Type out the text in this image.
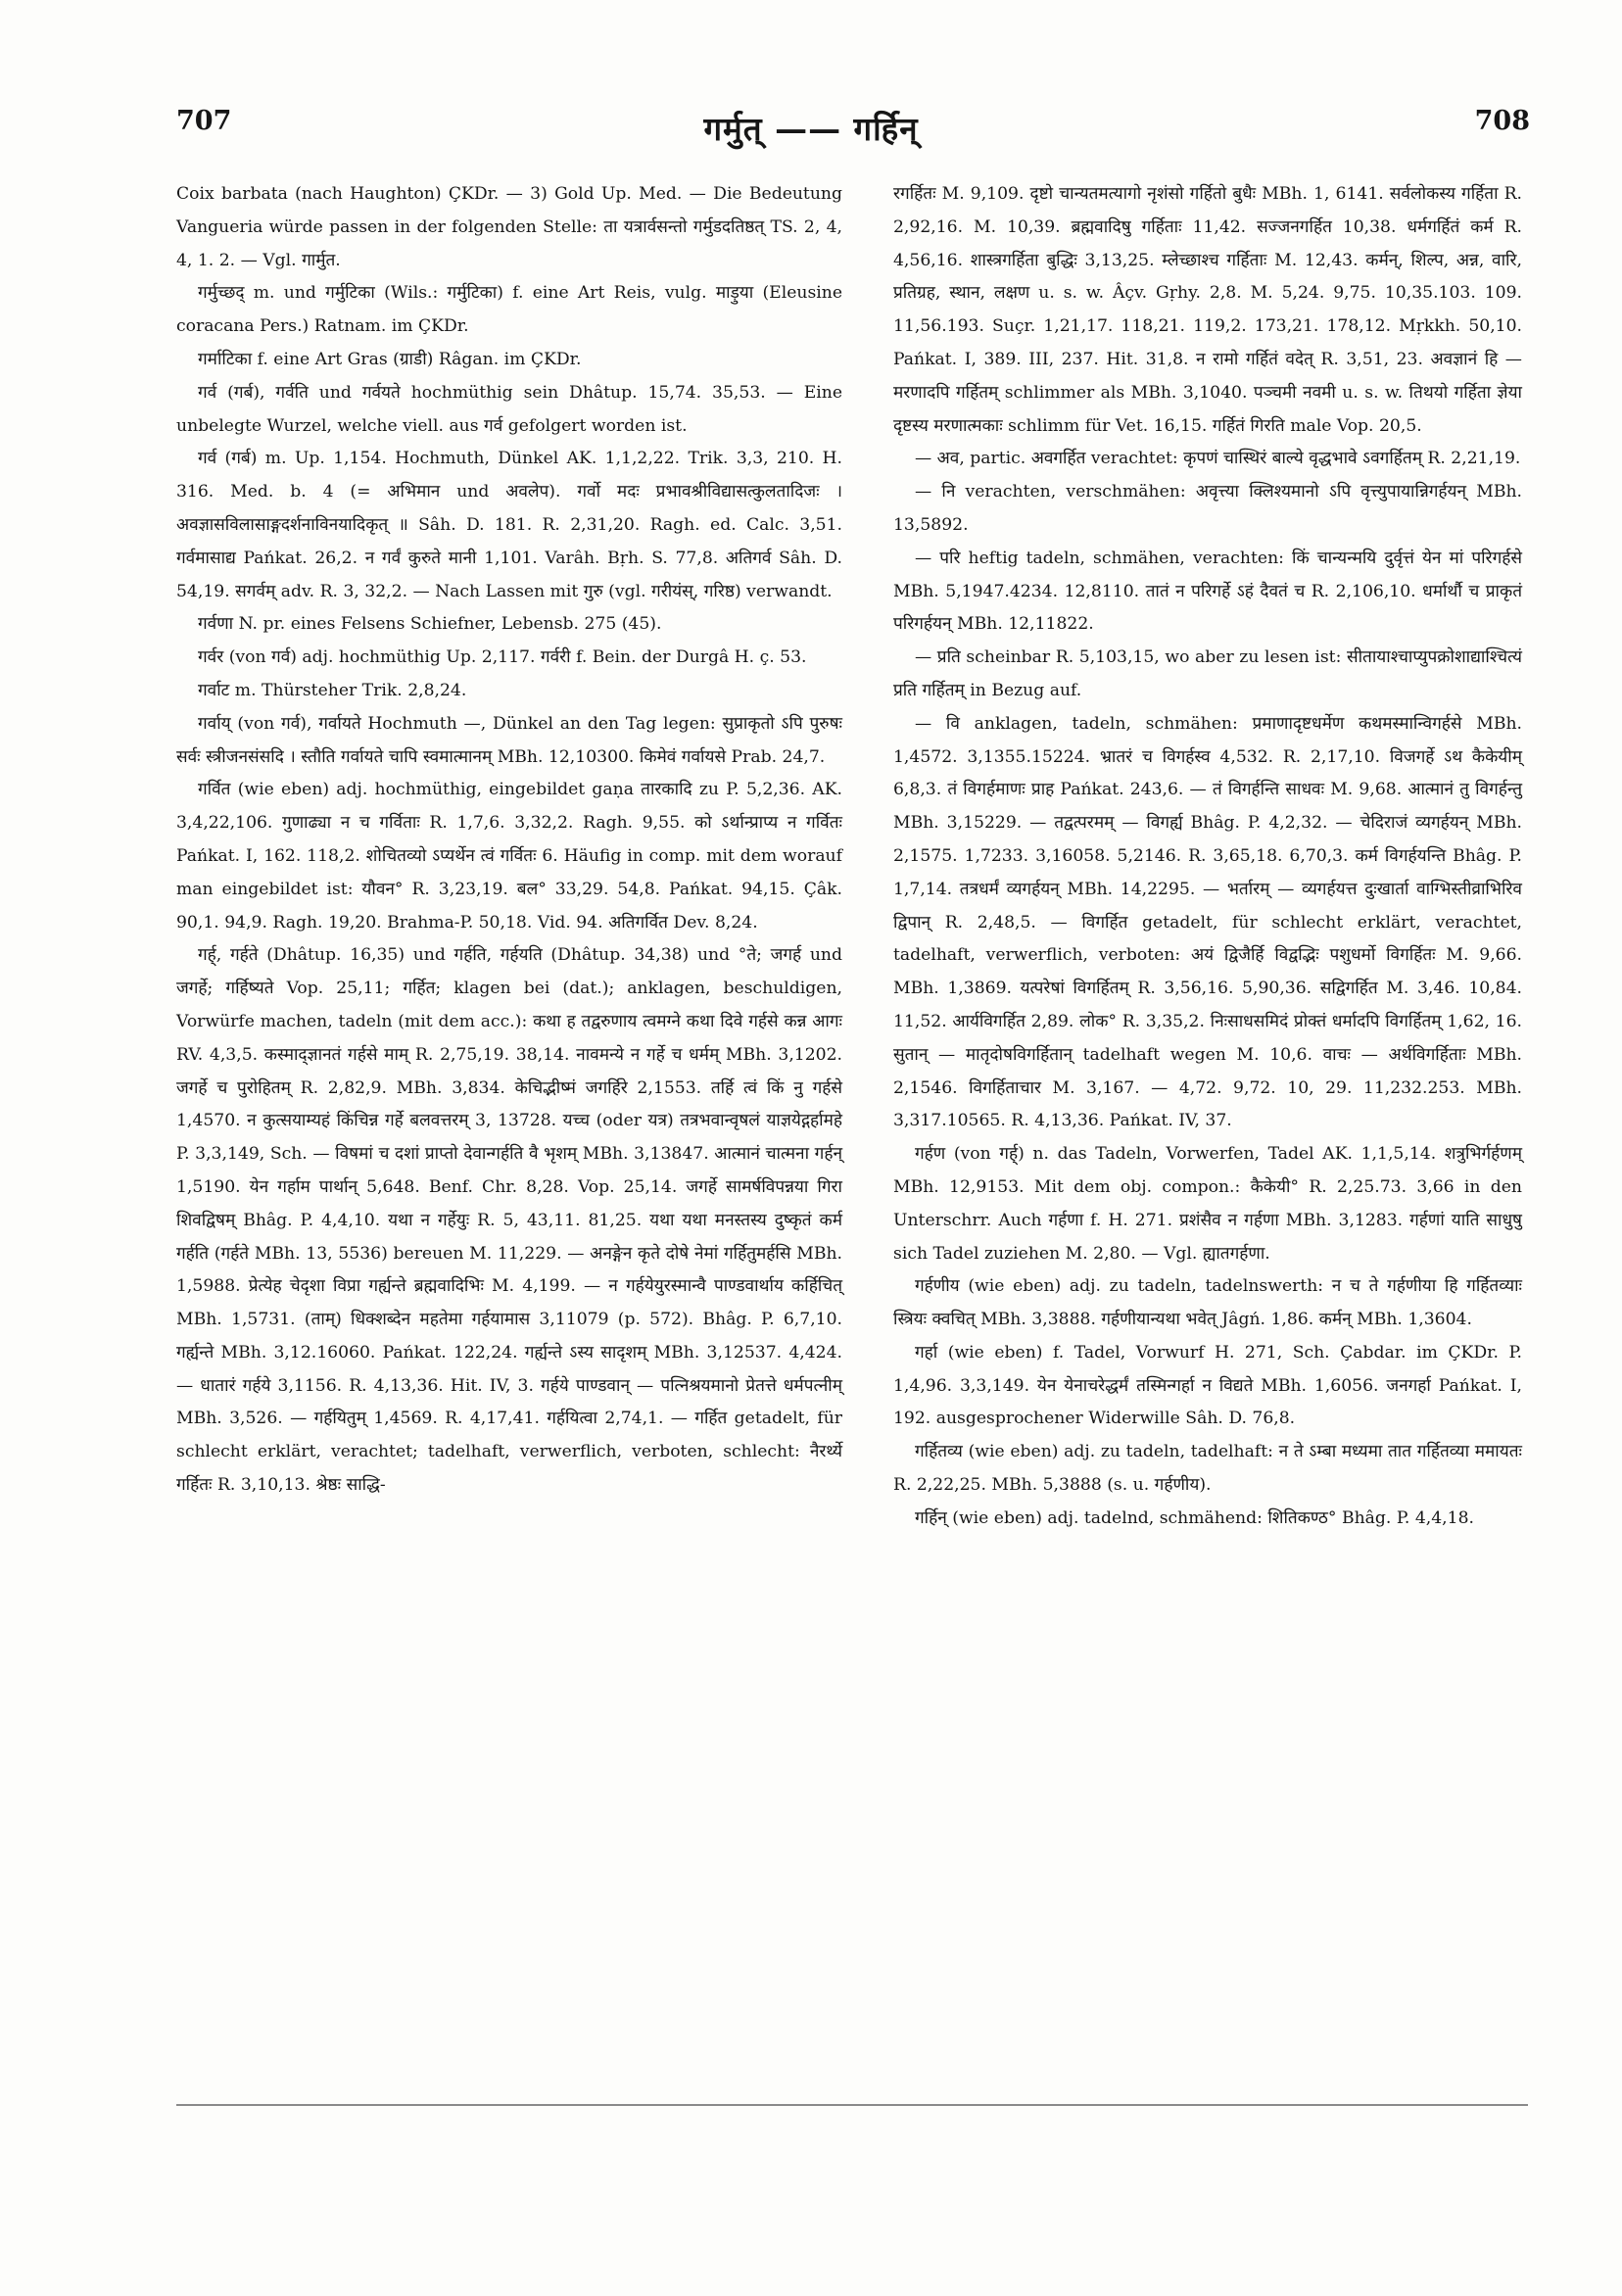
707	गर्मुत् —— गर्हिन्	708

Coix barbata (nach Haughton) ÇKDr. — 3) Gold Up. Med. — Die Bedeutung Vangueria würde passen in der folgenden Stelle: ता यत्रार्वसन्तो गर्मुडदतिष्ठत् TS. 2, 4, 4, 1. 2. — Vgl. गार्मुत.

गर्मुच्छद् m. und गर्मुटिका (Wils.: गर्मुटिका) f. eine Art Reis, vulg. माड़ुया (Eleusine coracana Pers.) Ratnam. im ÇKDr.

गर्माटिका f. eine Art Gras (ग्राडी) Râgan. im ÇKDr.

गर्व (गर्ब), गर्वति und गर्वयते hochmüthig sein Dhâtup. 15,74. 35,53. — Eine unbelegte Wurzel, welche viell. aus गर्व gefolgert worden ist.

गर्व (गर्ब) m. Up. 1,154. Hochmuth, Dünkel AK. 1,1,2,22. Trik. 3,3, 210. H. 316. Med. b. 4 (= अभिमान und अवलेप). गर्वो मदः प्रभावश्रीविद्यासत्कुलतादिजः । अवज्ञासविलासाङ्गदर्शनाविनयादिकृत् ॥ Sâh. D. 181. R. 2,31,20. Ragh. ed. Calc. 3,51. गर्वमासाद्य Pańkat. 26,2. न गर्वं कुरुते मानी 1,101. Varâh. Bṛh. S. 77,8. अतिगर्व Sâh. D. 54,19. सगर्वम् adv. R. 3, 32,2. — Nach Lassen mit गुरु (vgl. गरीयंस्, गरिष्ठ) verwandt.

गर्वणा N. pr. eines Felsens Schiefner, Lebensb. 275 (45).

गर्वर (von गर्व) adj. hochmüthig Up. 2,117. गर्वरी f. Bein. der Durgâ H. ç. 53.

गर्वाट m. Thürsteher Trik. 2,8,24.

गर्वाय् (von गर्व), गर्वायते Hochmuth —, Dünkel an den Tag legen: सुप्राकृतो ऽपि पुरुषः सर्वः स्त्रीजनसंसदि । स्तौति गर्वायते चापि स्वमात्मानम् MBh. 12,10300. किमेवं गर्वायसे Prab. 24,7.

गर्वित (wie eben) adj. hochmüthig, eingebildet gaṇa तारकादि zu P. 5,2,36. AK. 3,4,22,106. गुणाढ्या न च गर्विताः R. 1,7,6. 3,32,2. Ragh. 9,55. को ऽर्थान्प्राप्य न गर्वितः Pańkat. I, 162. 118,2. शोचितव्यो ऽप्यर्थेन त्वं गर्वितः 6. Häufig in comp. mit dem worauf man eingebildet ist: यौवन° R. 3,23,19. बल° 33,29. 54,8. Pańkat. 94,15. Çâk. 90,1. 94,9. Ragh. 19,20. Brahma-P. 50,18. Vid. 94. अतिगर्वित Dev. 8,24.

गर्ह्, गर्हते (Dhâtup. 16,35) und गर्हति, गर्हयति (Dhâtup. 34,38) und °ते; जगर्ह und जगर्हे; गर्हिष्यते Vop. 25,11; गर्हित; klagen bei (dat.); anklagen, beschuldigen, Vorwürfe machen, tadeln (mit dem acc.): कथा ह तद्वरुणाय त्वमग्ने कथा दिवे गर्हसे कन्न आगः RV. 4,3,5. कस्माद्ज्ञानतं गर्हसे माम् R. 2,75,19. 38,14. नावमन्ये न गर्हे च धर्मम् MBh. 3,1202. जगर्हे च पुरोहितम् R. 2,82,9. MBh. 3,834. केचिद्भीष्मं जगर्हिरे 2,1553. तर्हि त्वं किं नु गर्हसे 1,4570. न कुत्सयाम्यहं किंचिन्न गर्हे बलवत्तरम् 3, 13728. यच्च (oder यत्र) तत्रभवान्वृषलं याज्ञयेद्गर्हामहे P. 3,3,149, Sch. — विषमां च दशां प्राप्तो देवान्गर्हति वै भृशम् MBh. 3,13847. आत्मानं चात्मना गर्हन् 1,5190. येन गर्हाम पार्थान् 5,648. Benf. Chr. 8,28. Vop. 25,14. जगर्हे सामर्षविपन्नया गिरा शिवद्विषम् Bhâg. P. 4,4,10. यथा न गर्हेयुः R. 5, 43,11. 81,25. यथा यथा मनस्तस्य दुष्कृतं कर्म गर्हति (गर्हते MBh. 13, 5536) bereuen M. 11,229. — अनङ्गेन कृते दोषे नेमां गर्हितुमर्हसि MBh. 1,5988. प्रेत्येह चेदृशा विप्रा गर्ह्यन्ते ब्रह्मवादिभिः M. 4,199. — न गर्हयेयुरस्मान्वै पाण्डवार्थाय कर्हिचित् MBh. 1,5731. (ताम्) धिक्शब्देन महतेमा गर्हयामास 3,11079 (p. 572). Bhâg. P. 6,7,10. गर्ह्यन्ते MBh. 3,12.16060. Pańkat. 122,24. गर्ह्यन्ते ऽस्य सादृशम् MBh. 3,12537. 4,424. — धातारं गर्हये 3,1156. R. 4,13,36. Hit. IV, 3. गर्हये पाण्डवान् — पत्निश्रयमानो प्रेतत्ते धर्मपत्नीम् MBh. 3,526. — गर्हयितुम् 1,4569. R. 4,17,41. गर्हयित्वा 2,74,1. — गर्हित getadelt, für schlecht erklärt, verachtet; tadelhaft, verwerflich, verboten, schlecht: नैरर्थ्ये गर्हितः R. 3,10,13. श्रेष्ठः साद्धि-

रगर्हितः M. 9,109. दृष्टो चान्यतमत्यागो नृशंसो गर्हितो बुधैः MBh. 1, 6141. सर्वलोकस्य गर्हिता R. 2,92,16. M. 10,39. ब्रह्मवादिषु गर्हिताः 11,42. सज्जनगर्हित 10,38. धर्मगर्हितं कर्म R. 4,56,16. शास्त्रगर्हिता बुद्धिः 3,13,25. म्लेच्छाश्च गर्हिताः M. 12,43. कर्मन्, शिल्प, अन्न, वारि, प्रतिग्रह, स्थान, लक्षण u. s. w. Âçv. Gṛhy. 2,8. M. 5,24. 9,75. 10,35.103. 109. 11,56.193. Suçr. 1,21,17. 118,21. 119,2. 173,21. 178,12. Mṛkkh. 50,10. Pańkat. I, 389. III, 237. Hit. 31,8. न रामो गर्हितं वदेत् R. 3,51, 23. अवज्ञानं हि — मरणादपि गर्हितम् schlimmer als MBh. 3,1040. पञ्चमी नवमी u. s. w. तिथयो गर्हिता ज्ञेया दृष्टस्य मरणात्मकाः schlimm für Vet. 16,15. गर्हितं गिरति male Vop. 20,5.

— अव, partic. अवगर्हित verachtet: कृपणं चास्थिरं बाल्ये वृद्धभावे ऽवगर्हितम् R. 2,21,19.

— नि verachten, verschmähen: अवृत्त्या क्लिश्यमानो ऽपि वृत्त्युपायान्निगर्हयन् MBh. 13,5892.

— परि heftig tadeln, schmähen, verachten: किं चान्यन्मयि दुर्वृत्तं येन मां परिगर्हसे MBh. 5,1947.4234. 12,8110. तातं न परिगर्हे ऽहं दैवतं च R. 2,106,10. धर्मार्थौ च प्राकृतं परिगर्हयन् MBh. 12,11822.

— प्रति scheinbar R. 5,103,15, wo aber zu lesen ist: सीतायाश्चाप्युपक्रोशाद्याश्चित्यं प्रति गर्हितम् in Bezug auf.

— वि anklagen, tadeln, schmähen: प्रमाणादृष्टधर्मेण कथमस्मान्विगर्हसे MBh. 1,4572. 3,1355.15224. भ्रातरं च विगर्हस्व 4,532. R. 2,17,10. विजगर्हे ऽथ कैकेयीम् 6,8,3. तं विगर्हमाणः प्राह Pańkat. 243,6. — तं विगर्हन्ति साधवः M. 9,68. आत्मानं तु विगर्हन्तु MBh. 3,15229. — तद्वत्परमम् — विगर्ह्य Bhâg. P. 4,2,32. — चेदिराजं व्यगर्हयन् MBh. 2,1575. 1,7233. 3,16058. 5,2146. R. 3,65,18. 6,70,3. कर्म विगर्हयन्ति Bhâg. P. 1,7,14. तत्रधर्मं व्यगर्हयन् MBh. 14,2295. — भर्तारम् — व्यगर्हयत्त दुःखार्ता वाग्भिस्तीव्राभिरिव द्विपान् R. 2,48,5. — विगर्हित getadelt, für schlecht erklärt, verachtet, tadelhaft, verwerflich, verboten: अयं द्विजैर्हि विद्वद्भिः पशुधर्मो विगर्हितः M. 9,66. MBh. 1,3869. यत्परेषां विगर्हितम् R. 3,56,16. 5,90,36. सद्विगर्हित M. 3,46. 10,84. 11,52. आर्यविगर्हित 2,89. लोक° R. 3,35,2. निःसाधसमिदं प्रोक्तं धर्मादपि विगर्हितम् 1,62, 16. सुतान् — मातृदोषविगर्हितान् tadelhaft wegen M. 10,6. वाचः — अर्थविगर्हिताः MBh. 2,1546. विगर्हिताचार M. 3,167. — 4,72. 9,72. 10, 29. 11,232.253. MBh. 3,317.10565. R. 4,13,36. Pańkat. IV, 37.

गर्हण (von गर्ह्) n. das Tadeln, Vorwerfen, Tadel AK. 1,1,5,14. शत्रुभिर्गर्हणम् MBh. 12,9153. Mit dem obj. compon.: कैकेयी° R. 2,25.73. 3,66 in den Unterschrr. Auch गर्हणा f. H. 271. प्रशंसैव न गर्हणा MBh. 3,1283. गर्हणां याति साधुषु sich Tadel zuziehen M. 2,80. — Vgl. ह्यातगर्हणा.

गर्हणीय (wie eben) adj. zu tadeln, tadelnswerth: न च ते गर्हणीया हि गर्हितव्याः स्त्रियः क्वचित् MBh. 3,3888. गर्हणीयान्यथा भवेत् Jâgń. 1,86. कर्मन् MBh. 1,3604.

गर्हा (wie eben) f. Tadel, Vorwurf H. 271, Sch. Çabdar. im ÇKDr. P. 1,4,96. 3,3,149. येन येनाचरेद्धर्मं तस्मिन्गर्हा न विद्यते MBh. 1,6056. जनगर्हा Pańkat. I, 192. ausgesprochener Widerwille Sâh. D. 76,8.

गर्हितव्य (wie eben) adj. zu tadeln, tadelhaft: न ते ऽम्बा मध्यमा तात गर्हितव्या ममायतः R. 2,22,25. MBh. 5,3888 (s. u. गर्हणीय).

गर्हिन् (wie eben) adj. tadelnd, schmähend: शितिकण्ठ° Bhâg. P. 4,4,18.
